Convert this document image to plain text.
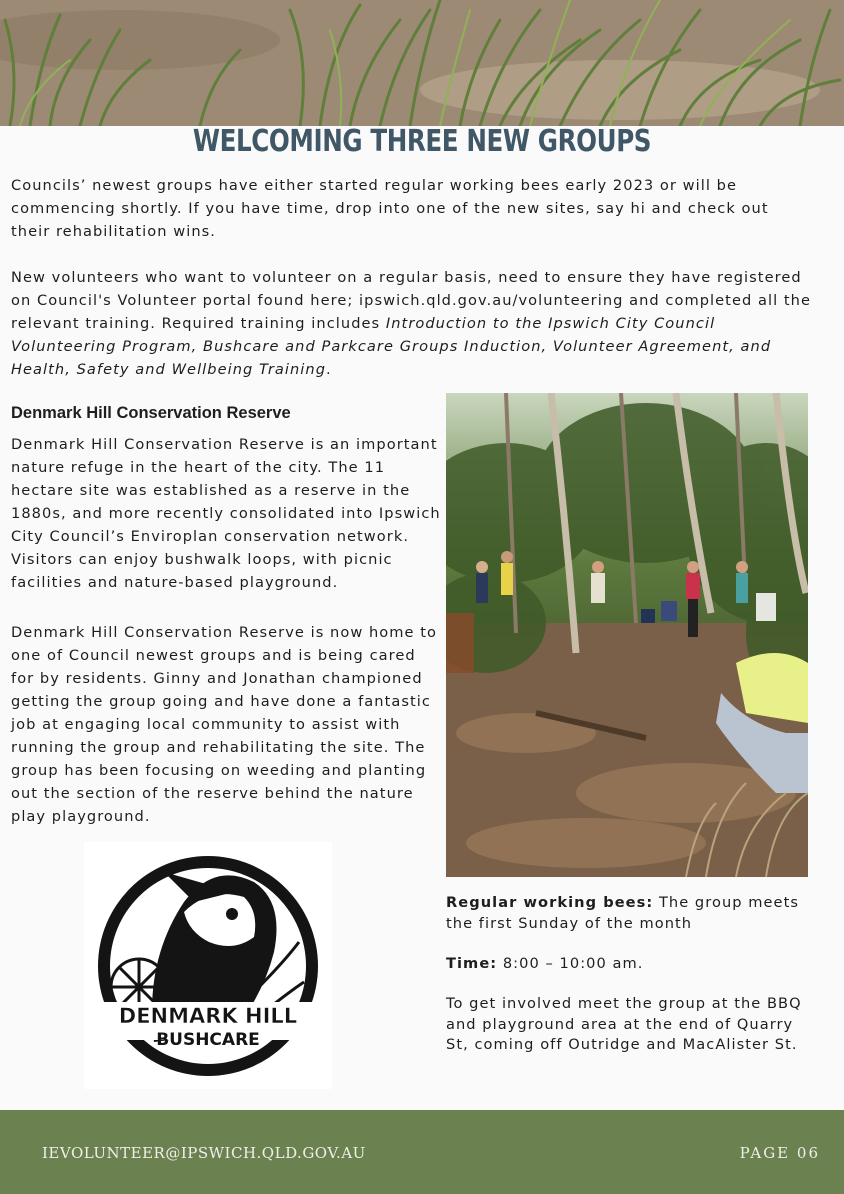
WELCOMING THREE NEW GROUPS

Councils’ newest groups have either started regular working bees early 2023 or will be commencing shortly. If you have time, drop into one of the new sites, say hi and check out their rehabilitation wins.

New volunteers who want to volunteer on a regular basis, need to ensure they have registered on Council's Volunteer portal found here; ipswich.qld.gov.au/volunteering and completed all the relevant training. Required training includes Introduction to the Ipswich City Council Volunteering Program, Bushcare and Parkcare Groups Induction, Volunteer Agreement, and Health, Safety and Wellbeing Training.

Denmark Hill Conservation Reserve

Denmark Hill Conservation Reserve is an important nature refuge in the heart of the city. The 11 hectare site was established as a reserve in the 1880s, and more recently consolidated into Ipswich City Council’s Enviroplan conservation network. Visitors can enjoy bushwalk loops, with picnic facilities and nature-based playground.

Denmark Hill Conservation Reserve is now home to one of Council newest groups and is being cared for by residents. Ginny and Jonathan championed getting the group going and have done a fantastic job at engaging local community to assist with running the group and rehabilitating the site. The group has been focusing on weeding and planting out the section of the reserve behind the nature play playground.

DENMARK HILL
BUSHCARE

Regular working bees: The group meets the first Sunday of the month

Time: 8:00 – 10:00 am.

To get involved meet the group at the BBQ and playground area at the end of Quarry St, coming off Outridge and MacAlister St.

IEVOLUNTEER@IPSWICH.QLD.GOV.AU	PAGE 06
